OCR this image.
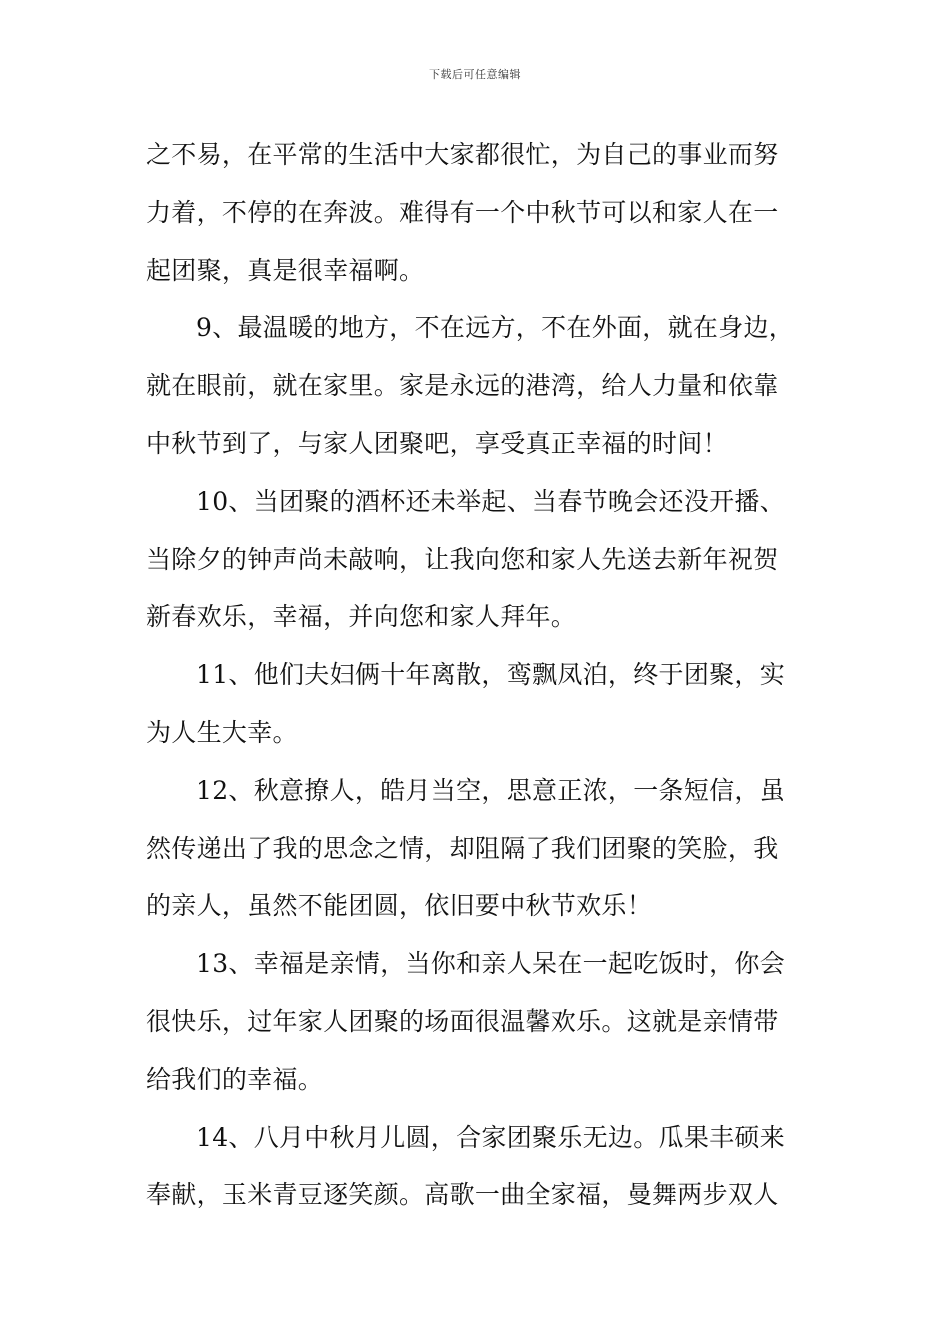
下载后可任意编辑
之不易，在平常的生活中大家都很忙，为自己的事业而努
力着，不停的在奔波。难得有一个中秋节可以和家人在一
起团聚，真是很幸福啊。
9、最温暖的地方，不在远方，不在外面，就在身边，
就在眼前，就在家里。家是永远的港湾，给人力量和依靠
中秋节到了，与家人团聚吧，享受真正幸福的时间！
10、当团聚的酒杯还未举起、当春节晚会还没开播、
当除夕的钟声尚未敲响，让我向您和家人先送去新年祝贺
新春欢乐，幸福，并向您和家人拜年。
11、他们夫妇俩十年离散，鸾飘凤泊，终于团聚，实
为人生大幸。
12、秋意撩人，皓月当空，思意正浓，一条短信，虽
然传递出了我的思念之情，却阻隔了我们团聚的笑脸，我
的亲人，虽然不能团圆，依旧要中秋节欢乐！
13、幸福是亲情，当你和亲人呆在一起吃饭时，你会
很快乐，过年家人团聚的场面很温馨欢乐。这就是亲情带
给我们的幸福。
14、八月中秋月儿圆，合家团聚乐无边。瓜果丰硕来
奉献，玉米青豆逐笑颜。高歌一曲全家福，曼舞两步双人
